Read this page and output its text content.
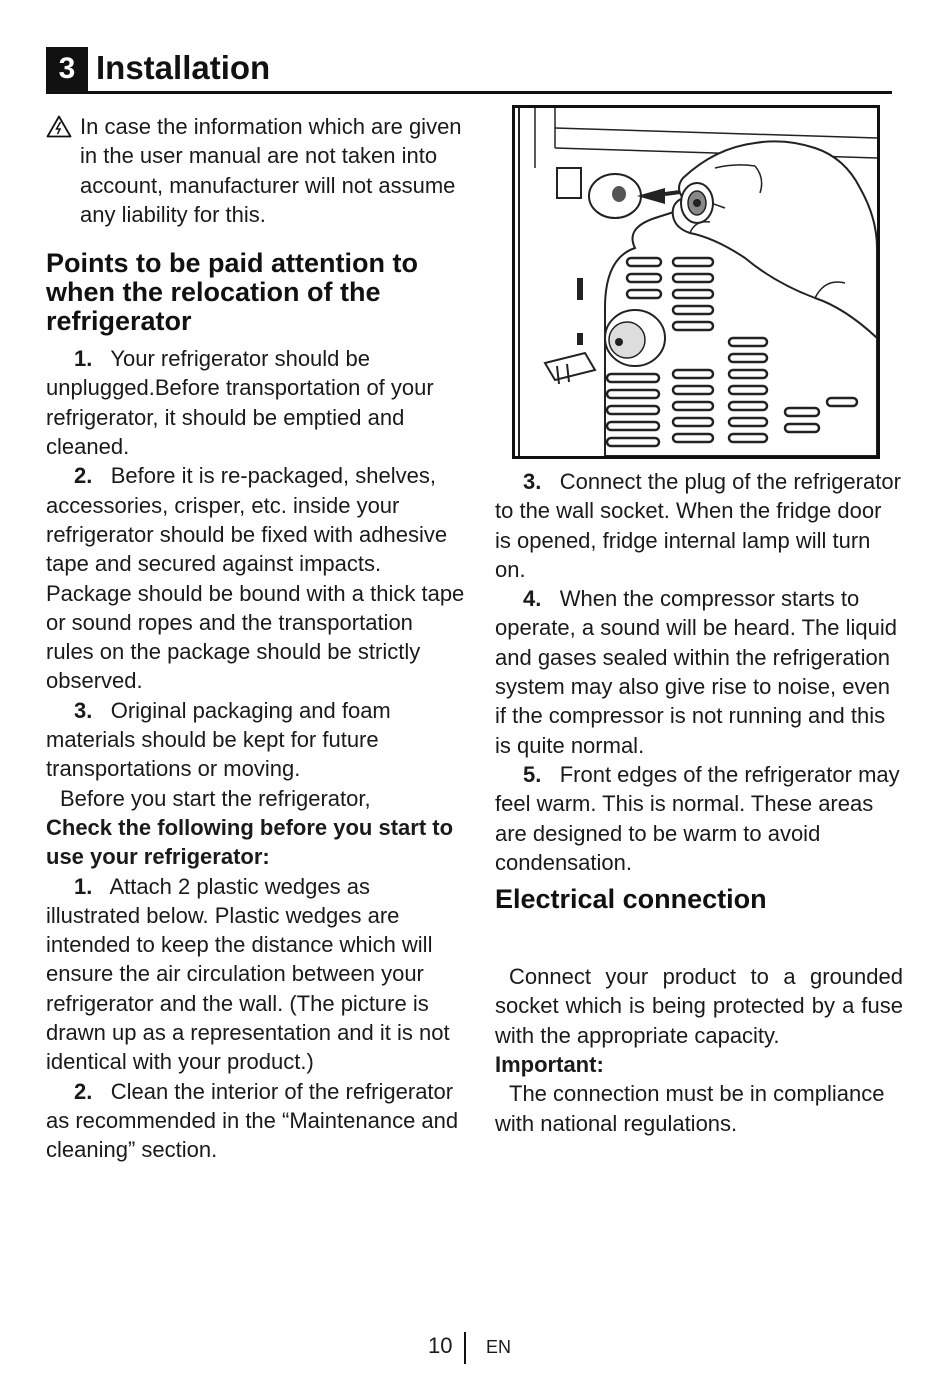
3 Installation

In case the information which are given in the user manual are not taken into account, manufacturer will not assume any liability for this.

Points to be paid attention to when the relocation of the refrigerator

1. Your refrigerator should be unplugged.Before transportation of your refrigerator, it should be emptied and cleaned.

2. Before it is re-packaged, shelves, accessories, crisper, etc. inside your refrigerator should be fixed with adhesive tape and secured against impacts. Package should be bound with a thick tape or sound ropes and the transportation rules on the package should be strictly observed.

3. Original packaging and foam materials should be kept for future transportations or moving.

Before you start the refrigerator,

Check the following before you start to use your refrigerator:

1. Attach 2 plastic wedges as illustrated below. Plastic wedges are intended to keep the distance which will ensure the air circulation between your refrigerator and the wall. (The picture is drawn up as a representation and it is not identical with your product.)

2. Clean the interior of the refrigerator as recommended in the “Maintenance and cleaning” section.

3. Connect the plug of the refrigerator to the wall socket. When the fridge door is opened, fridge internal lamp will turn on.

4. When the compressor starts to operate, a sound will be heard. The liquid and gases sealed within the refrigeration system may also give rise to noise, even if the compressor is not running and this is quite normal.

5. Front edges of the refrigerator may feel warm. This is normal. These areas are designed to be warm to avoid condensation.

Electrical connection

Connect your product to a grounded socket which is being protected by a fuse with the appropriate capacity.

Important:

The connection must be in compliance with national regulations.

10 EN
